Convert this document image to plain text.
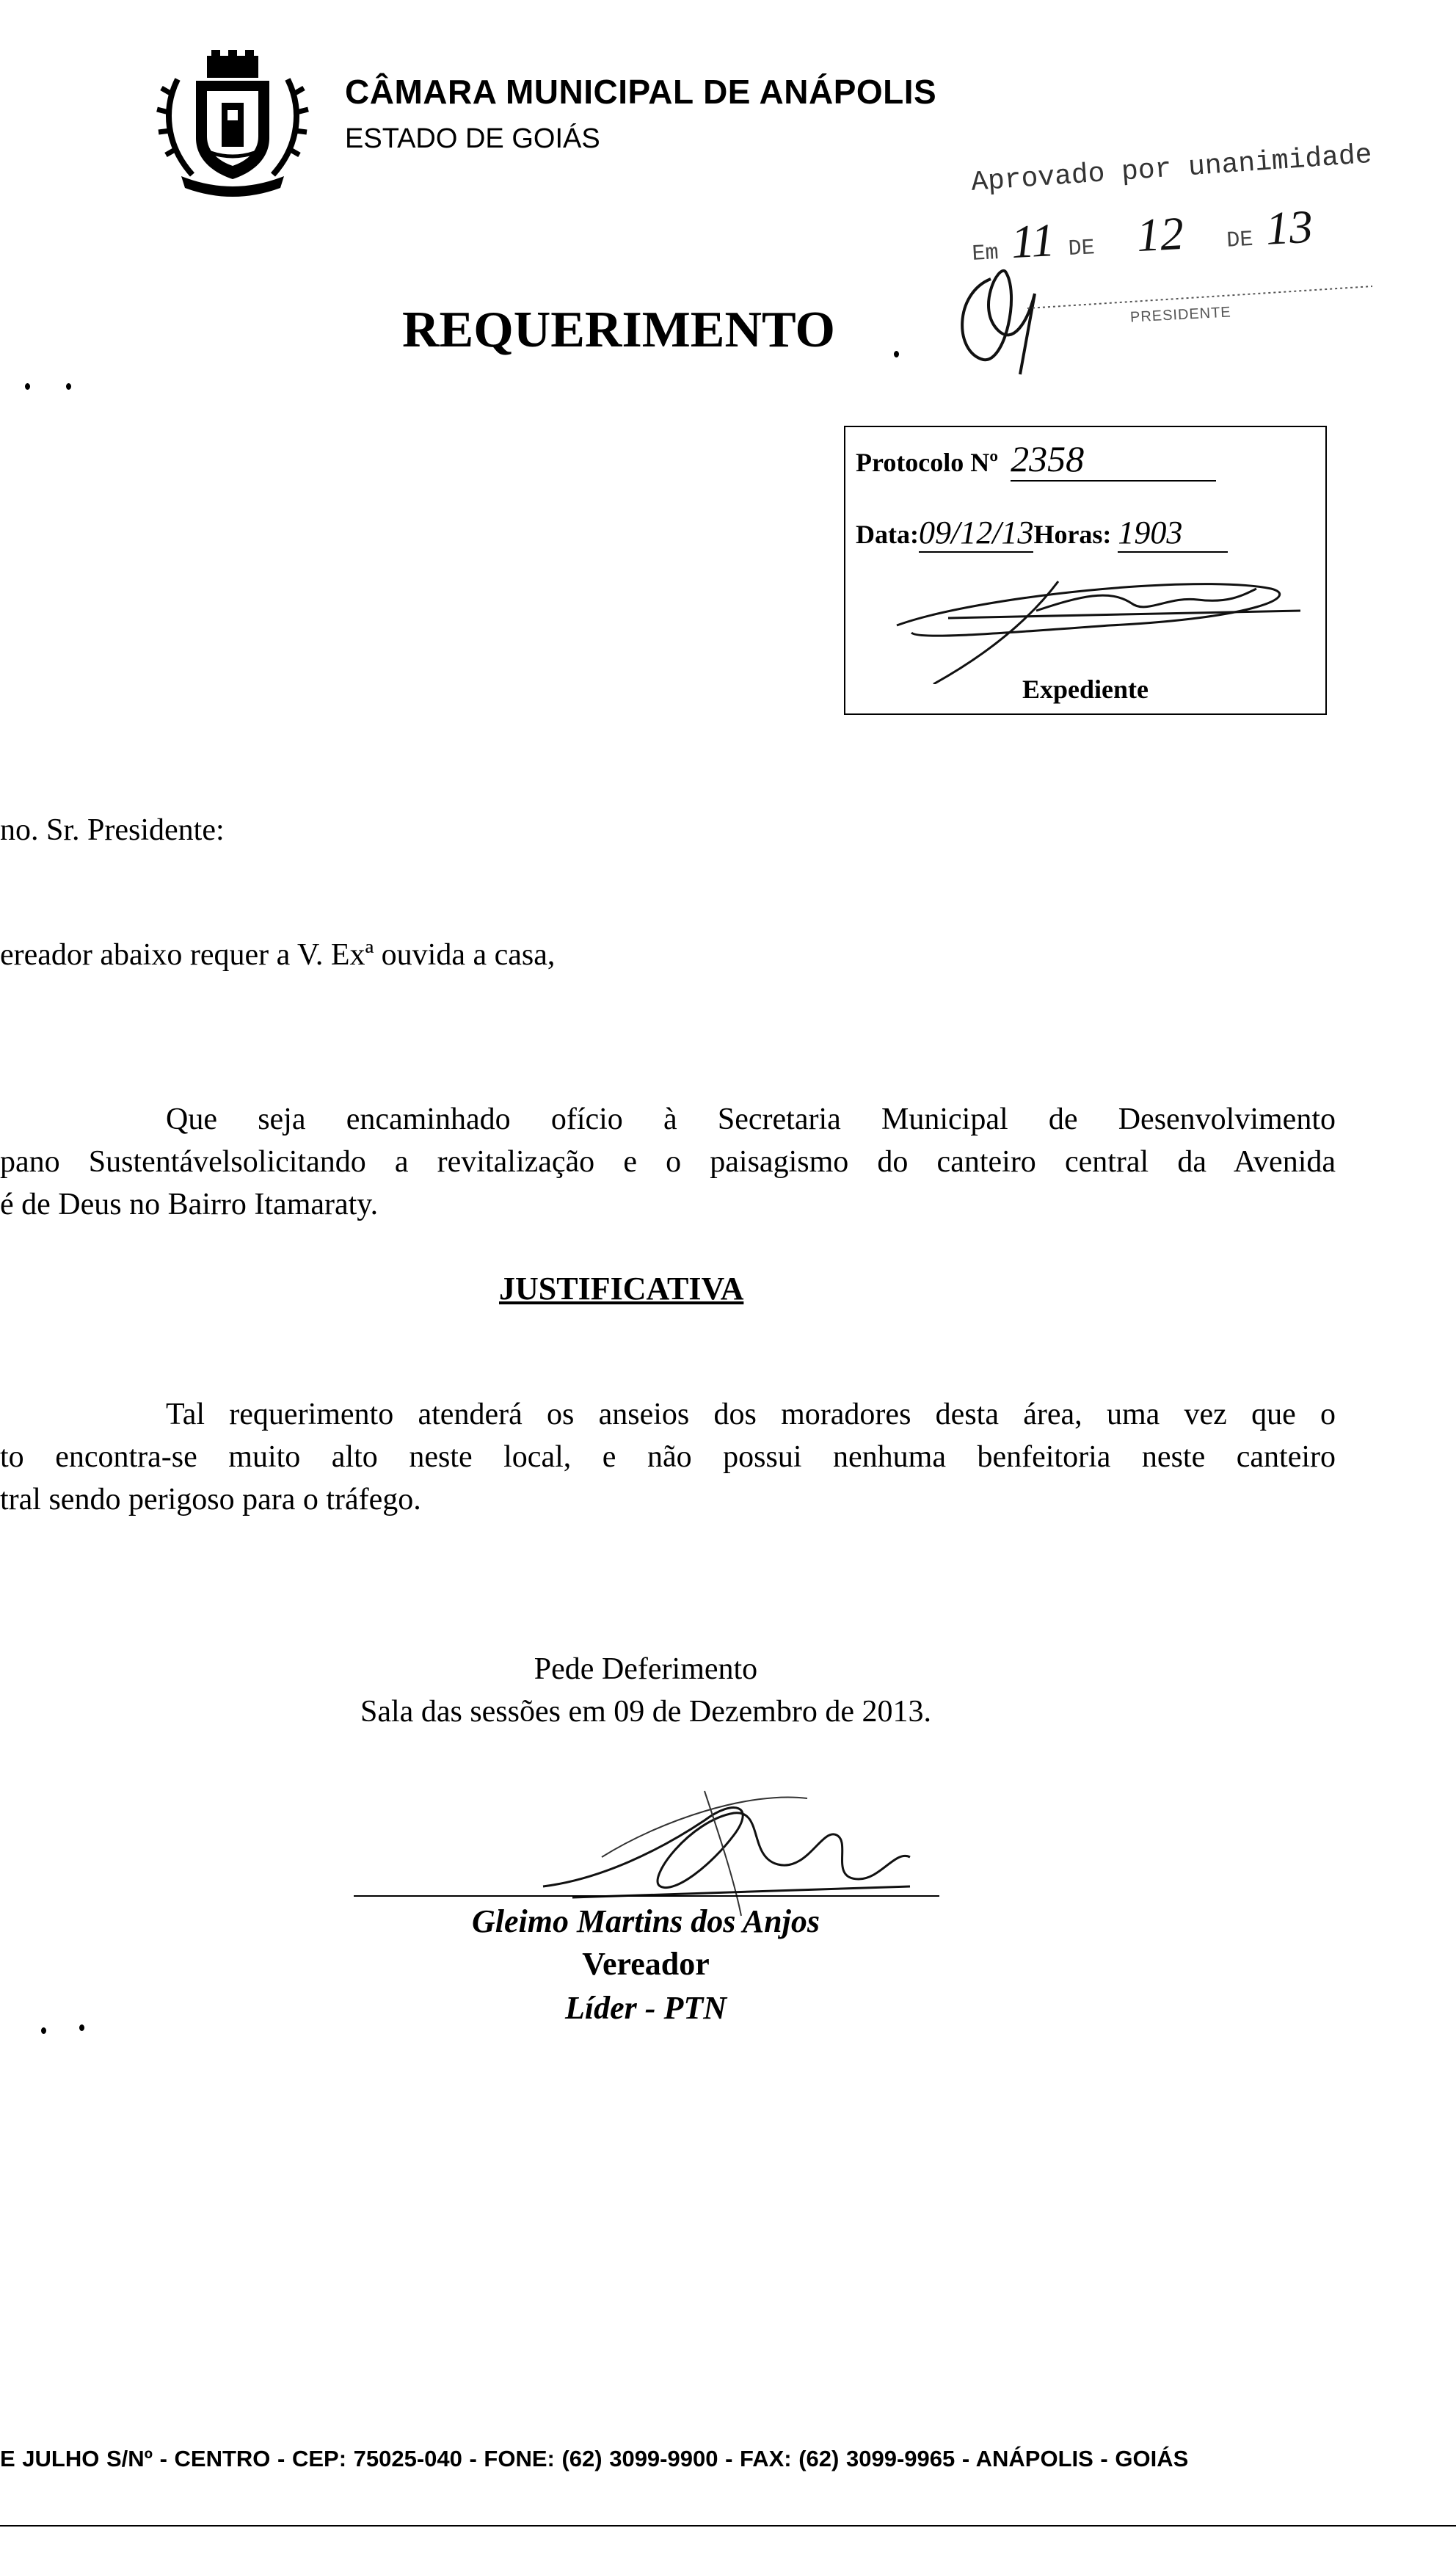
CÂMARA MUNICIPAL DE ANÁPOLIS
ESTADO DE GOIÁS
REQUERIMENTO
Aprovado por unanimidade
Em 11 DE 12 DE 13
PRESIDENTE
Protocolo Nº 2358
Data:09/12/13Horas: 1903
Expediente
no. Sr. Presidente:
ereador abaixo requer a V. Exª ouvida a casa,
Que seja encaminhado ofício à Secretaria Municipal de Desenvolvimento
pano Sustentávelsolicitando a revitalização e o paisagismo do canteiro central da Avenida
é de Deus no Bairro Itamaraty.
JUSTIFICATIVA
Tal requerimento atenderá os anseios dos moradores desta área, uma vez que o
to encontra-se muito alto neste local, e não possui nenhuma benfeitoria neste canteiro
tral sendo perigoso para o tráfego.
Pede Deferimento
Sala das sessões em 09 de Dezembro de 2013.
Gleimo Martins dos Anjos
Vereador
Líder - PTN
E JULHO S/Nº - CENTRO - CEP: 75025-040 - FONE: (62) 3099-9900 - FAX: (62) 3099-9965 - ANÁPOLIS - GOIÁS
